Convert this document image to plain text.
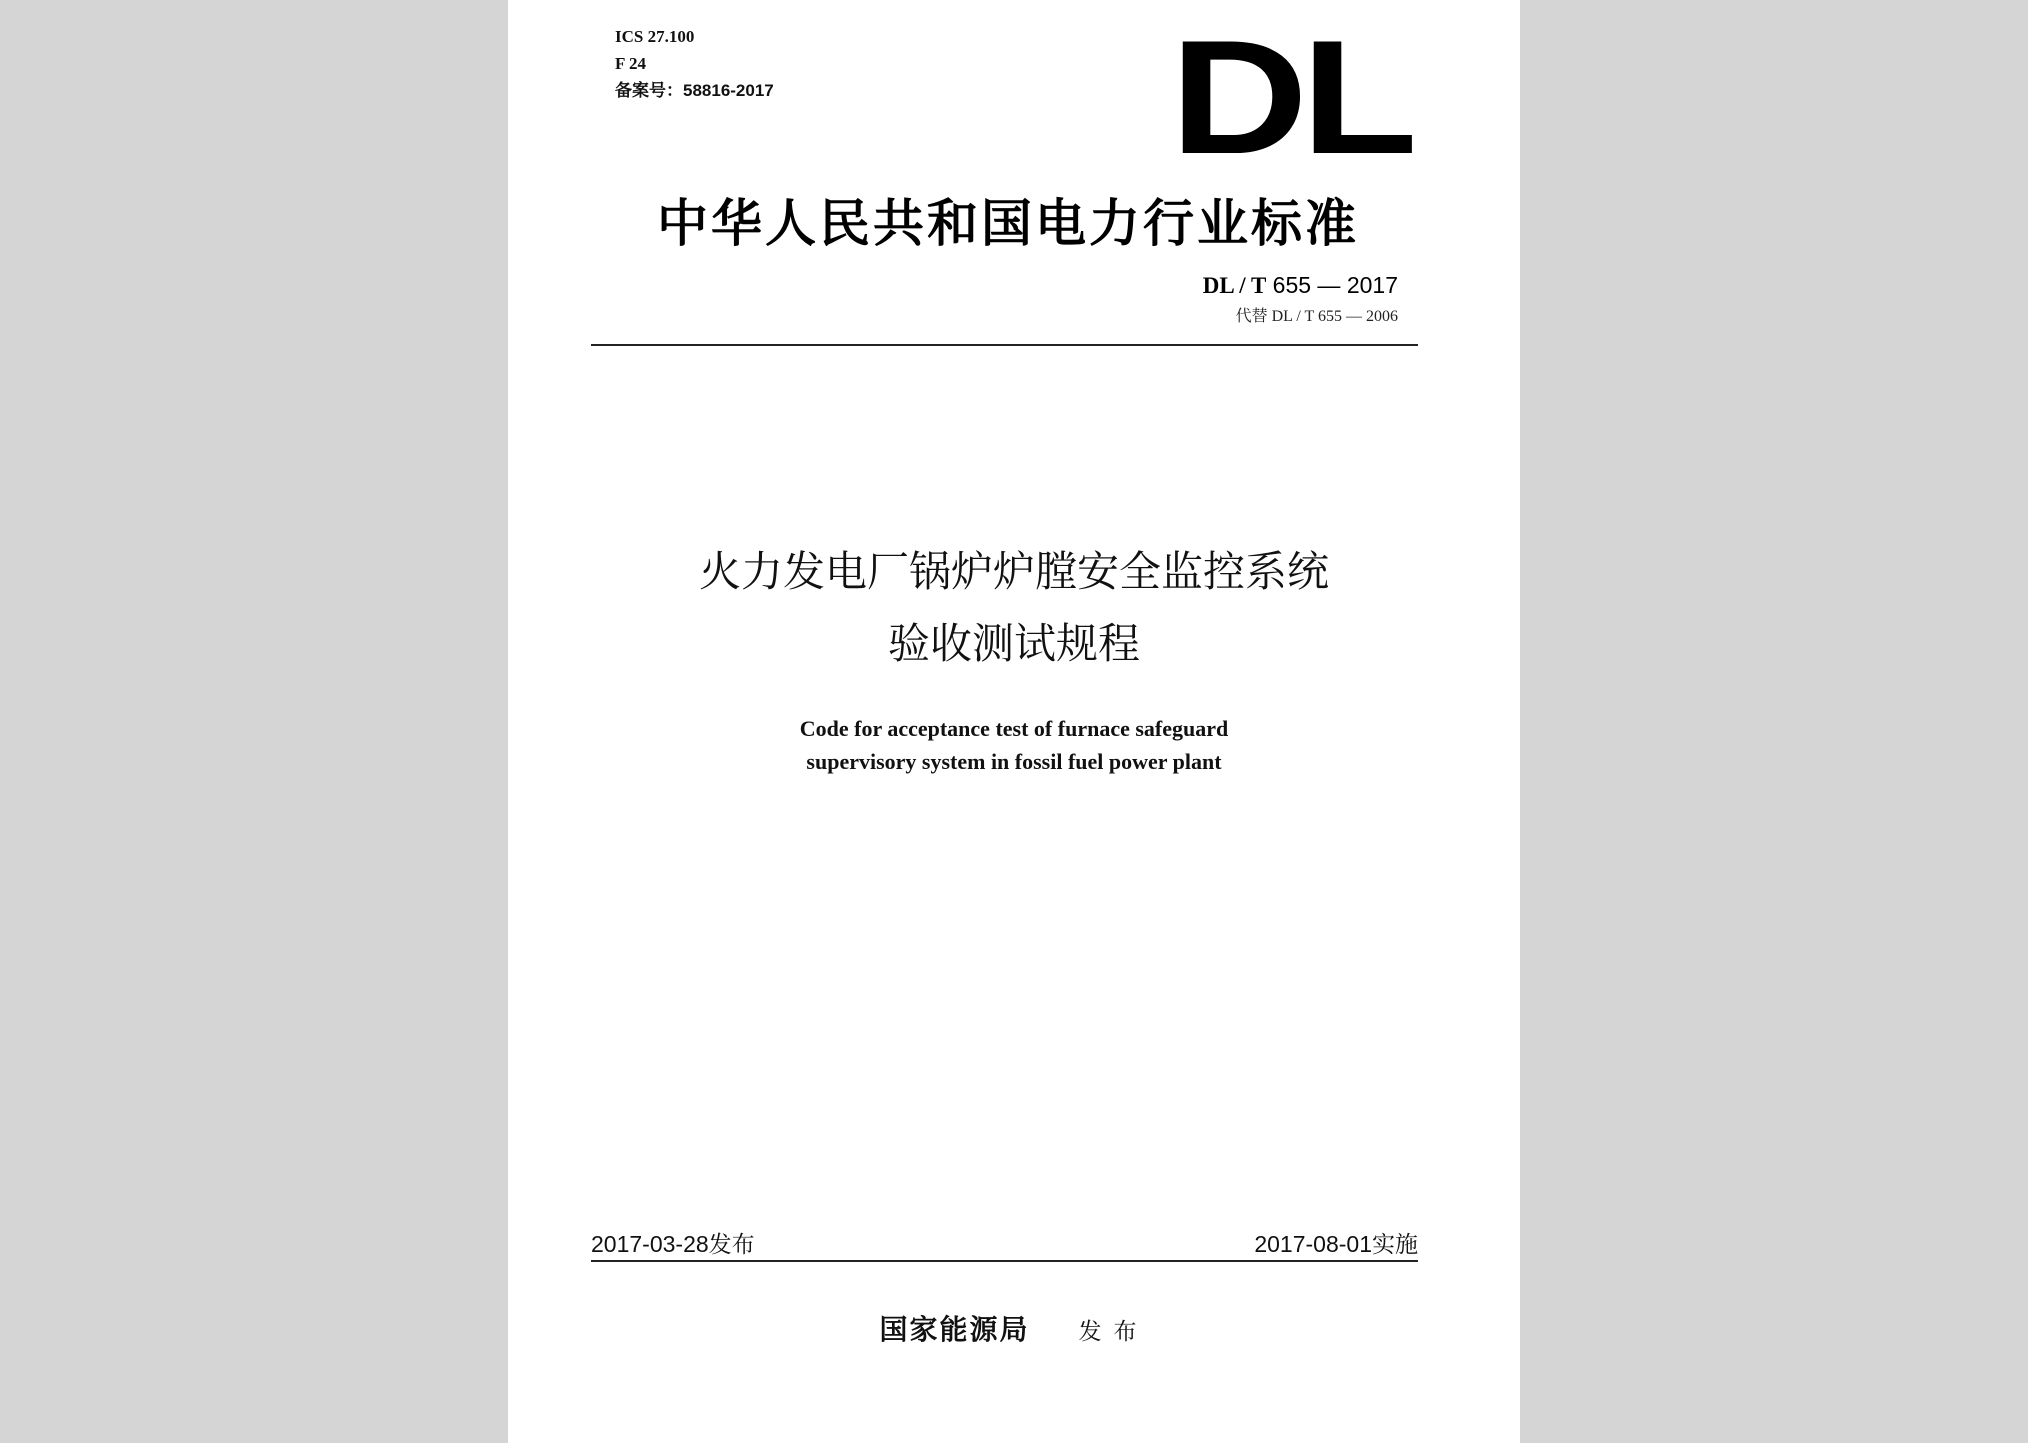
ICS 27.100
F 24
备案号：58816-2017 DL
中华人民共和国电力行业标准
DL / T 655 — 2017
代替 DL / T 655 — 2006
火力发电厂锅炉炉膛安全监控系统
验收测试规程
Code for acceptance test of furnace safeguard
supervisory system in fossil fuel power plant
2017-03-28发布	2017-08-01实施
国家能源局 发布
